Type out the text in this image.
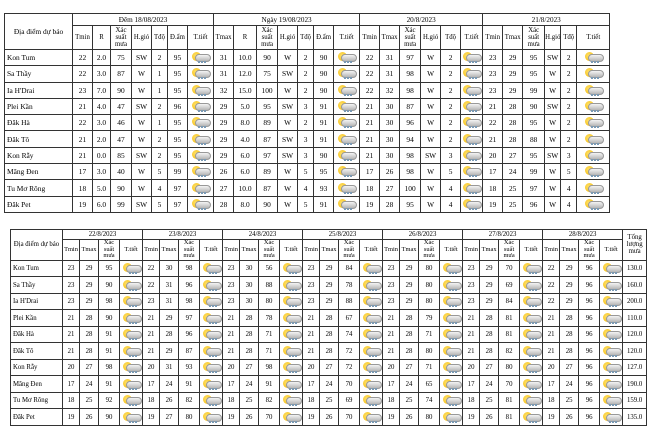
Địa điểm dự báo	Đêm 18/08/2023							Ngày 19/08/2023							20/8/2023						21/8/2023					
	Tmin	R	Xác suất mưa	H.gió	Tđộ	Đ.ẩm	T.tiết	Tmax	R	Xác suất mưa	H.gió	Tđộ	Đ.ẩm	T.tiết	Tmin	Tmax	Xác suất mưa	H.gió	Tđộ	T.tiết	Tmin	Tmax	Xác suất mưa	H.gió	Tđộ	T.tiết
Kon Tum	22	2.0	75	SW	2	95		31	10.0	90	W	2	90		22	31	97	W	2		23	29	95	SW	2	

Sa Thầy	22	3.0	87	W	1	95		31	12.0	75	SW	2	90		22	31	98	W	2		23	29	95	W	2	

Ia H'Drai	23	7.0	90	W	1	95		32	15.0	100	W	2	90		22	32	98	W	2		23	29	99	W	2	

Plei Kần	21	4.0	47	SW	2	96		29	5.0	95	SW	3	91		21	30	87	W	2		21	28	90	SW	2	

Đăk Hà	22	3.0	46	W	1	95		29	8.0	89	W	2	91		21	30	96	W	2		22	28	95	W	2	

Đăk Tô	21	2.0	47	W	2	95		29	4.0	87	SW	3	91		21	30	94	W	2		21	28	88	W	2	

Kon Rẫy	21	0.0	85	SW	2	95		29	6.0	97	SW	3	90		21	30	98	SW	3		20	27	95	SW	3	

Măng Đen	17	3.0	40	W	5	99		26	6.0	89	W	5	95		17	26	98	W	5		17	24	99	W	5	

Tu Mơ Rông	18	5.0	90	W	4	97		27	10.0	87	W	4	93		18	27	100	W	4		18	25	97	W	4	

Đăk Pet	19	6.0	99	SW	5	97		28	8.0	90	W	5	91		19	28	95	W	4		19	25	96	W	4	
Địa điểm dự báo	22/8/2023				23/8/2023				24/8/2023				25/8/2023				26/8/2023				27/8/2023				28/8/2023				Tổng lượng mưa
	Tmin	Tmax	Xác suất mưa	T.tiết	Tmin	Tmax	Xác suất mưa	T.tiết	Tmin	Tmax	Xác suất mưa	T.tiết	Tmin	Tmax	Xác suất mưa	T.tiết	Tmin	Tmax	Xác suất mưa	T.tiết	Tmin	Tmax	Xác suất mưa	T.tiết	Tmin	Tmax	Xác suất mưa	T.tiết	
Kon Tum	23	29	95		22	30	98		23	30	56		23	29	84		23	29	80		23	29	70		22	29	96		130.0
Sa Thầy	23	29	90		22	31	96		23	30	88		23	29	78		23	29	80		23	29	69		22	29	96		160.0
Ia H'Drai	23	29	98		23	31	98		23	30	80		23	29	88		23	29	80		23	29	84		22	29	96		200.0
Plei Kần	21	28	90		21	29	97		21	28	78		21	28	67		21	28	79		21	28	81		21	28	96		110.0
Đăk Hà	21	28	91		21	28	96		21	28	71		21	28	74		21	28	71		21	28	81		21	28	96		120.0
Đăk Tô	21	28	91		21	29	87		21	28	71		21	28	72		21	28	80		21	28	82		21	28	96		120.0
Kon Rẫy	20	27	98		20	31	93		20	27	98		20	27	72		20	27	71		20	27	80		20	27	96		127.0
Măng Đen	17	24	91		17	24	91		17	24	91		17	24	70		17	24	65		17	24	70		17	24	96		190.0
Tu Mơ Rông	18	25	92		18	26	82		18	25	82		18	25	69		18	25	74		18	25	81		18	25	96		159.0
Đăk Pet	19	26	90		19	27	80		19	26	70		19	26	70		19	26	80		19	26	81		19	26	96		135.0
